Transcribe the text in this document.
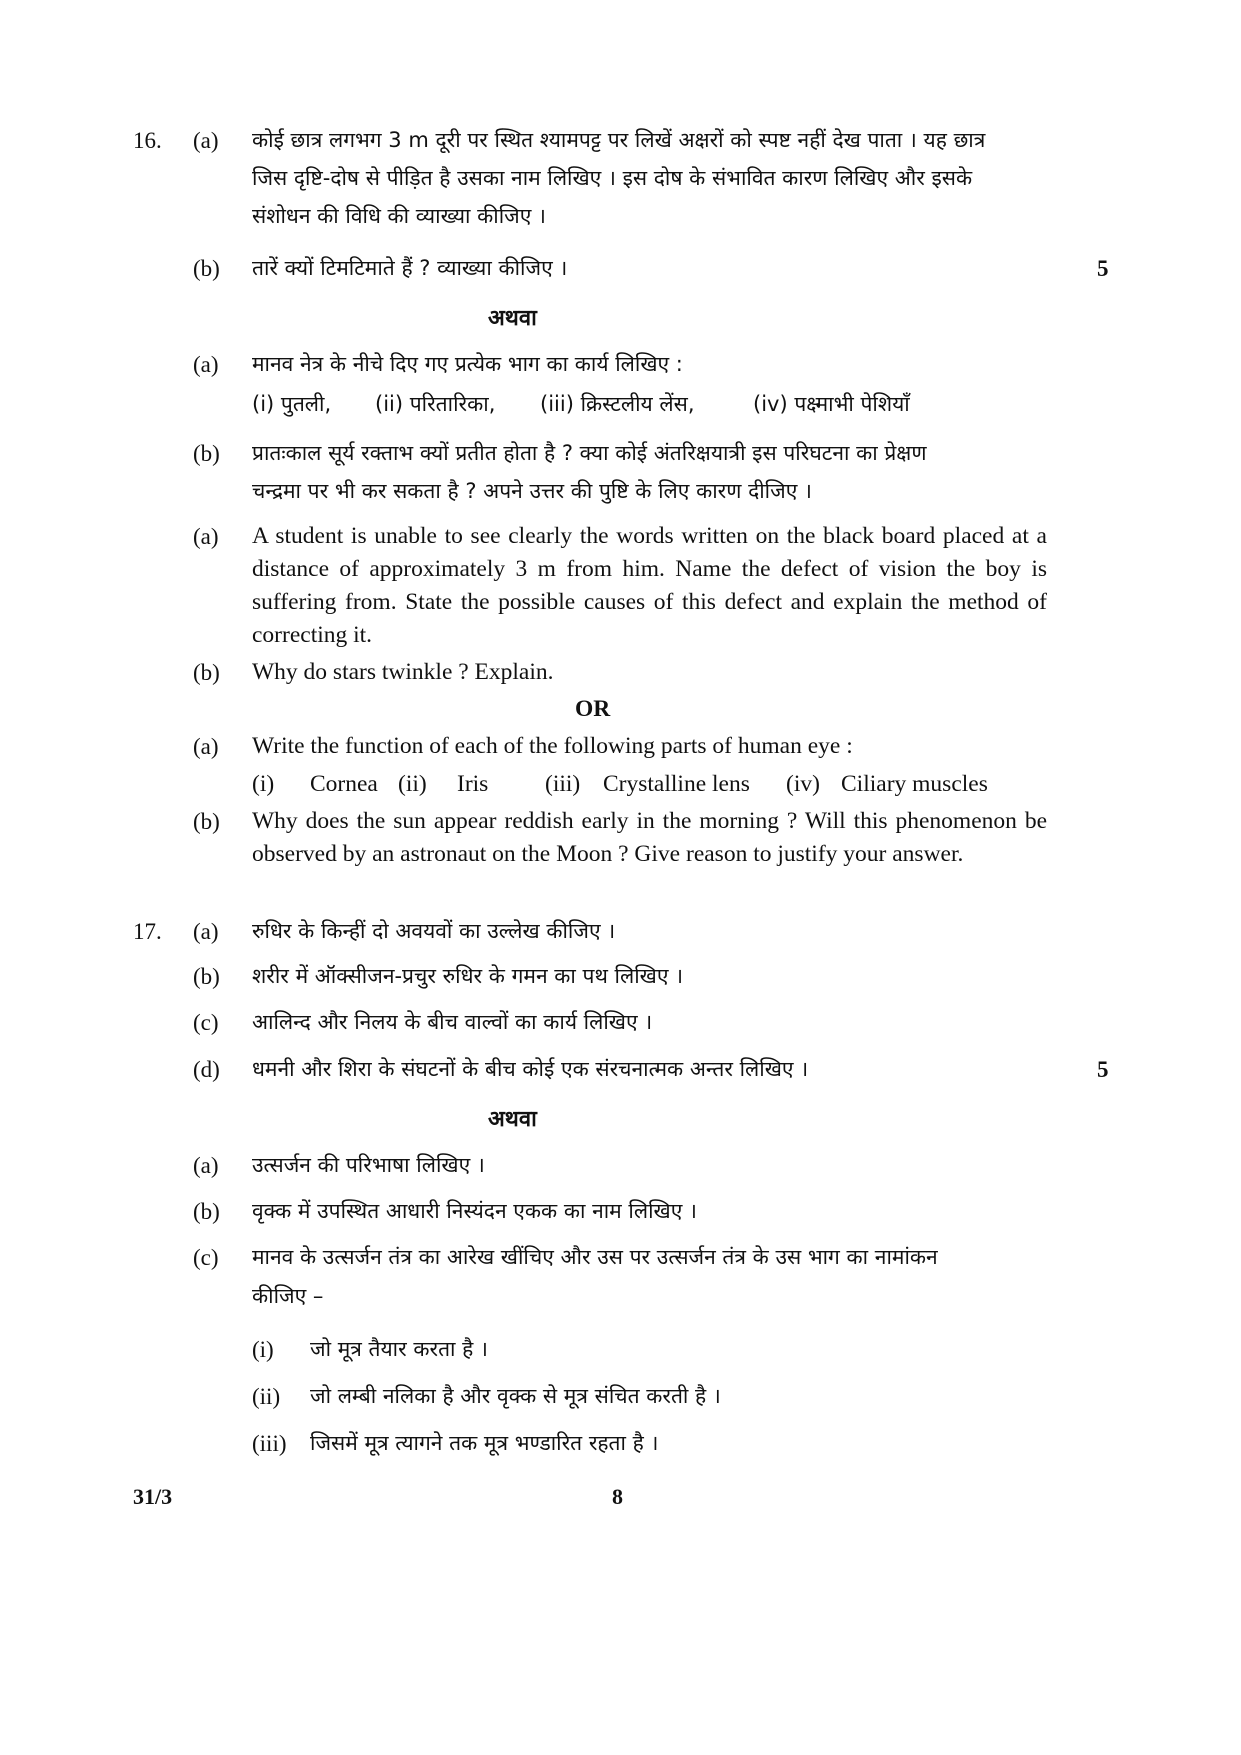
16. (a) कोई छात्र लगभग 3 m दूरी पर स्थित श्यामपट्ट पर लिखें अक्षरों को स्पष्ट नहीं देख पाता । यह छात्र
जिस दृष्टि-दोष से पीड़ित है उसका नाम लिखिए । इस दोष के संभावित कारण लिखिए और इसके
संशोधन की विधि की व्याख्या कीजिए ।
(b) तारें क्यों टिमटिमाते हैं ? व्याख्या कीजिए ।	5
अथवा
(a) मानव नेत्र के नीचे दिए गए प्रत्येक भाग का कार्य लिखिए :
(i) पुतली, (ii) परितारिका, (iii) क्रिस्टलीय लेंस,	(iv) पक्ष्माभी पेशियाँ
(b) प्रातःकाल सूर्य रक्ताभ क्यों प्रतीत होता है ? क्या कोई अंतरिक्षयात्री इस परिघटना का प्रेक्षण
चन्द्रमा पर भी कर सकता है ? अपने उत्तर की पुष्टि के लिए कारण दीजिए ।
(a) A student is unable to see clearly the words written on the black board placed at a distance of approximately 3 m from him. Name the defect of vision the boy is suffering from. State the possible causes of this defect and explain the method of correcting it.
(b) Why do stars twinkle ? Explain.
OR
(a) Write the function of each of the following parts of human eye :
(i) Cornea (ii) Iris (iii) Crystalline lens (iv) Ciliary muscles
(b) Why does the sun appear reddish early in the morning ? Will this phenomenon be observed by an astronaut on the Moon ? Give reason to justify your answer.
17. (a) रुधिर के किन्हीं दो अवयवों का उल्लेख कीजिए ।
(b) शरीर में ऑक्सीजन-प्रचुर रुधिर के गमन का पथ लिखिए ।
(c) आलिन्द और निलय के बीच वाल्वों का कार्य लिखिए ।
(d) धमनी और शिरा के संघटनों के बीच कोई एक संरचनात्मक अन्तर लिखिए ।	5
अथवा
(a) उत्सर्जन की परिभाषा लिखिए ।
(b) वृक्क में उपस्थित आधारी निस्यंदन एकक का नाम लिखिए ।
(c) मानव के उत्सर्जन तंत्र का आरेख खींचिए और उस पर उत्सर्जन तंत्र के उस भाग का नामांकन
कीजिए –
(i) जो मूत्र तैयार करता है ।
(ii) जो लम्बी नलिका है और वृक्क से मूत्र संचित करती है ।
(iii) जिसमें मूत्र त्यागने तक मूत्र भण्डारित रहता है ।
31/3	8
